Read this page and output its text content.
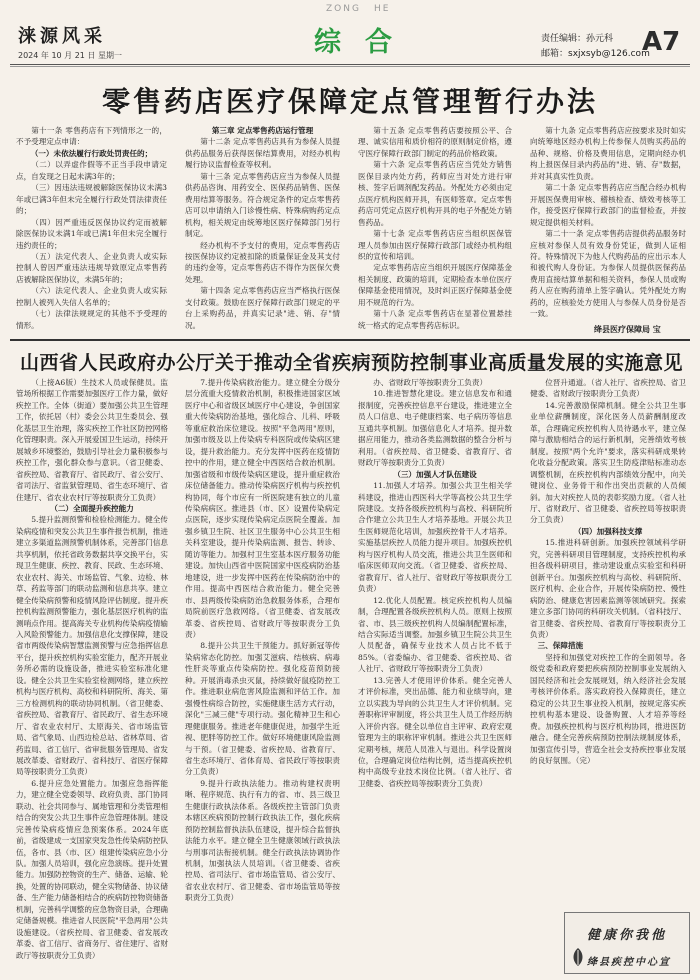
涞源风采
2024 年 10 月 21 日 星期一
ZONG HE
综合	责任编辑：孙元科
邮箱：sxjxsyb@126.com
A7
零售药店医疗保障定点管理暂行办法

第十一条 零售药店有下列情形之一的，不予受理定点申请：

（一）未依法履行行政处罚责任的；

（二）以弄虚作假等不正当手段申请定点，自发现之日起未满3年的；

（三）因违法违规被解除医保协议未满3年或已满3年但未完全履行行政处罚法律责任的；

（四）因严重违反医保协议约定而被解除医保协议未满1年或已满1年但未完全履行违约责任的；

（五）法定代表人、企业负责人或实际控制人曾因严重违法违规导致原定点零售药店被解除医保协议，未满5年的；

（六）法定代表人、企业负责人或实际控制人被列入失信人名单的；

（七）法律法规规定的其他不予受理的情形。

第三章 定点零售药店运行管理

第十二条 定点零售药店具有为参保人员提供药品服务后获得医保结算费用，对经办机构履行协议监督检查等权利。

第十三条 定点零售药店应当为参保人员提供药品咨询、用药安全、医保药品销售、医保费用结算等服务。符合规定条件的定点零售药店可以申请纳入门诊慢性病、特殊病购药定点机构，相关规定由统筹地区医疗保障部门另行制定。

经办机构不予支付的费用，定点零售药店按医保协议约定被扣除的质量保证金及其支付的违约金等，定点零售药店不得作为医保欠费处理。

第十四条 定点零售药店应当严格执行医保支付政策。鼓励在医疗保障行政部门规定的平台上采购药品，并真实记录"进、销、存"情况。

第十五条 定点零售药店要按照公平、合理、诚实信用和质价相符的原则制定价格，遵守医疗保障行政部门制定的药品价格政策。

第十六条 定点零售药店应当凭处方销售医保目录内处方药，药师应当对处方进行审核、签字后调剂配发药品。外配处方必须由定点医疗机构医师开具，有医师签章。定点零售药店可凭定点医疗机构开具的电子外配处方销售药品。

第十七条 定点零售药店应当组织医保管理人员参加由医疗保障行政部门或经办机构组织的宣传和培训。

定点零售药店应当组织开展医疗保障基金相关制度、政策的培训，定期检查本单位医疗保障基金使用情况，及时纠正医疗保障基金使用不规范的行为。

第十八条 定点零售药店在显著位置悬挂统一格式的定点零售药店标识。

第十九条 定点零售药店应按要求及时如实向统筹地区经办机构上传参保人员购买药品的品种、规格、价格及费用信息，定期向经办机构上报医保目录内药品的"进、销、存"数据，并对其真实性负责。

第二十条 定点零售药店应当配合经办机构开展医保费用审核、稽核检查、绩效考核等工作，接受医疗保障行政部门的监督检查，并按规定提供相关材料。

第二十一条 定点零售药店提供药品服务时应核对参保人员有效身份凭证，做到人证相符。特殊情况下为他人代购药品的应出示本人和被代购人身份证。为参保人员提供医保药品费用直接结算单据和相关资料，参保人员或购药人应在购药清单上签字确认。凭外配处方购药的，应核验处方使用人与参保人员身份是否一致。

绛县医疗保障局 宝
山西省人民政府办公厅关于推动全省疾病预防控制事业高质量发展的实施意见

（上接A6版）生技术人员或保健员。监管场所根据工作需要加强医疗工作力量，做好疾控工作。全体（街道）要加强公共卫生管理工作，依托居（村）委会公共卫生委员会、强化基层卫生治理，落实疾控工作社区防控网格化管理职责。深入开展爱国卫生运动，持续开展城乡环境整治，鼓励引导社会力量积极参与疾控工作，强化群众参与意识。（省卫健委、省疾控局、省教育厅、省民政厅、省公安厅、省司法厅、省监狱管理局、省生态环境厅、省住建厅、省农业农村厅等按职责分工负责）

（二）全面提升疾控能力

5.提升监测预警和检验检测能力。健全传染病疫情和突发公共卫生事件报告机制，推进建立多渠道监测预警机制体系，完善部门信息共享机制，依托省政务数据共享交换平台，实现卫生健康、疾控、教育、民政、生态环境、农业农村、海关、市场监管、气象、边检、林草、药监等部门的联动监测和信息共享。建立健全传染病预警和疫情风险评估制度。提升疾控机构监测预警能力，强化基层医疗机构的监测哨点作用。提高海关专业机构传染病疫情输入风险预警能力。加强信息化支撑保障，建设省市两级传染病智慧监测预警与应急指挥信息平台，提升疾控机构实验室能力，配齐开展业务所必需的设施设备，推进实验室标准化建设。健全公共卫生实验室检测网络，建立疾控机构与医疗机构、高校和科研院所、海关、第三方检测机构的联动协同机制。（省卫健委、省疾控局、省教育厅、省民政厅、省生态环境厅、省农业农村厅、太原海关、省市场监管局、省气象局、山西边检总站、省林草局、省药监局、省工信厅、省审批服务管理局、省发展改革委、省财政厅、省科技厅、省医疗保障局等按职责分工负责）

6.提升应急处置能力。加强应急指挥能力，建立健全党委领导、政府负责、部门协同联动、社会共同参与、属地管理和分类管理相结合的突发公共卫生事件应急管理体制。建设完善传染病疫情应急预案体系。2024年底前，省级建成一支国家突发急性传染病防控队伍，各市、县（市、区）组建传染病应急小分队。加强人员培训，强化应急演练。提升处置能力。加强防控物资的生产、储备、运输、轮换，处置的协同联动，健全实物储备、协议储备、生产能力储备相结合的疾病防控物资储备机制，完善科学调整的应急物资目录，合理确定储备规模。推进省人民医院"平急两用"公共设施建设。（省疾控局、省卫健委、省发展改革委、省工信厅、省商务厅、省住建厅、省财政厅等按职责分工负责）

7.提升传染病救治能力。建立健全分级分层分流重大疫情救治机制，积极推进国家区域医疗中心和省级区域医疗中心建设，争创国家重大传染病防治基地，强化综合、儿科、呼吸等重症救治床位建设。按照"平急两用"原则，加强市级及以上传染病专科医院或传染病区建设，提升救治能力。充分发挥中医药在疫情防控中的作用，建立健全中西医结合救治机制。加强省级和市级传染病区建设，提升重症救治床位储备能力。推动传染病医疗机构与疾控机构协同，每个市应有一所医院建有独立的儿童传染病病区。推进县（市、区）设置传染病定点医院，逐步实现传染病定点医院全覆盖。加强乡镇卫生院、社区卫生服务中心公共卫生相关科室建设，提升传染病监测、报告、转诊、随访等能力。加强村卫生室基本医疗服务功能建设。加快山西省中医院国家中医疫病防治基地建设，进一步发挥中医药在传染病防治中的作用。提高中西医结合救治能力。健全完善市、县两级传染病防治急救服务体系，合理布局院前医疗急救网络。（省卫健委、省发展改革委、省疾控局、省财政厅等按职责分工负责）

8.提升公共卫生干预能力。抓好新冠等传染病常态化防控。加强艾滋病、结核病、病毒性肝炎等重点传染病防控。强化疫苗预防接种。开展消毒杀虫灭鼠，持续做好鼠疫防控工作。推进职业病危害风险监测和评估工作。加强慢性病综合防控，实施健康生活方式行动，深化"三减三健"专项行动。强化精神卫生和心理健康服务。推进老年健康促进，加强学生近视、肥胖等防控工作。做好环境健康风险监测与干预。（省卫健委、省疾控局、省教育厅、省生态环境厅、省体育局、省民政厅等按职责分工负责）

9.提升行政执法能力。推动构建权责明晰、程序规范、执行有力的省、市、县三级卫生健康行政执法体系。各级疾控主管部门负责本辖区疾病预防控制行政执法工作，强化疾病预防控制监督执法队伍建设，提升综合监督执法能力水平。建立健全卫生健康领域行政执法与刑事司法衔接机制。健全行政执法协调协作机制，加强执法人员培训。（省卫健委、省疾控局、省司法厅、省市场监管局、省公安厅、省农业农村厅、省卫健委、省市场监管局等按职责分工负责）

办、省财政厅等按职责分工负责）

10.推进智慧化建设。建立信息发布和通报制度，完善疾控信息平台建设，推进建立全员人口信息、电子健康档案、电子病历等信息互通共享机制。加强信息化人才培养。提升数据应用能力，推动各类监测数据的整合分析与利用。（省疾控局、省卫健委、省教育厅、省财政厅等按职责分工负责）

（三）加强人才队伍建设

11.加强人才培养。加强公共卫生相关学科建设，推进山西医科大学等高校公共卫生学院建设。支持各级疾控机构与高校、科研院所合作建立公共卫生人才培养基地。开展公共卫生医师规范化培训，加强疾控骨干人才培养。实施基层疾控人员能力提升项目。加强疾控机构与医疗机构人员交流，推进公共卫生医师和临床医师双向交流。（省卫健委、省疾控局、省教育厅、省人社厅、省财政厅等按职责分工负责）

12.优化人员配置。核定疾控机构人员编制，合理配置各级疾控机构人员。原则上按照省、市、县三级疾控机构人员编制配置标准，结合实际适当调整。加强乡镇卫生院公共卫生人员配备，确保专业技术人员占比不低于85%。（省委编办、省卫健委、省疾控局、省人社厅、省财政厅等按职责分工负责）

13.完善人才使用评价体系。健全完善人才评价标准，突出品德、能力和业绩导向，建立以实践为导向的公共卫生人才评价机制。完善职称评审制度，将公共卫生人员工作经历纳入评价内容。健全以单位自主评审、政府宏观管理为主的职称评审机制。推进公共卫生医师定期考核，规范人员准入与退出。科学设置岗位，合理确定岗位结构比例，适当提高疾控机构中高级专业技术岗位比例。（省人社厅、省卫健委、省疾控局等按职责分工负责）

位晋升通道。（省人社厅、省疾控局、省卫健委、省财政厅按职责分工负责）

14.完善激励保障机制。健全公共卫生事业单位薪酬制度，深化医务人员薪酬制度改革，合理确定疾控机构人员待遇水平，建立保障与激励相结合的运行新机制，完善绩效考核制度。按照"两个允许"要求，落实科研成果转化收益分配政策。落实卫生防疫津贴标准动态调整机制，在疾控机构内部绩效分配中，向关键岗位、业务骨干和作出突出贡献的人员倾斜。加大对疾控人员的表彰奖励力度。（省人社厅、省财政厅、省卫健委、省疾控局等按职责分工负责）

（四）加强科技支撑

15.推进科研创新。加强疾控领域科学研究，完善科研项目管理制度，支持疾控机构承担各级科研项目，推动建设重点实验室和科研创新平台。加强疾控机构与高校、科研院所、医疗机构、企业合作，开展传染病防控、慢性病防治、健康危害因素监测等领域研究。探索建立多部门协同的科研攻关机制。（省科技厅、省卫健委、省疾控局、省教育厅等按职责分工负责）

三、保障措施

坚持和加强党对疾控工作的全面领导。各级党委和政府要把疾病预防控制事业发展纳入国民经济和社会发展规划，纳入经济社会发展考核评价体系。落实政府投入保障责任，建立稳定的公共卫生事业投入机制，按规定落实疾控机构基本建设、设备购置、人才培养等经费。加强疾控机构与医疗机构协同，推进医防融合。健全完善疾病预防控制法规制度体系，加强宣传引导，营造全社会支持疾控事业发展的良好氛围。（完）

健康你我他
绛县疾控中心宣
